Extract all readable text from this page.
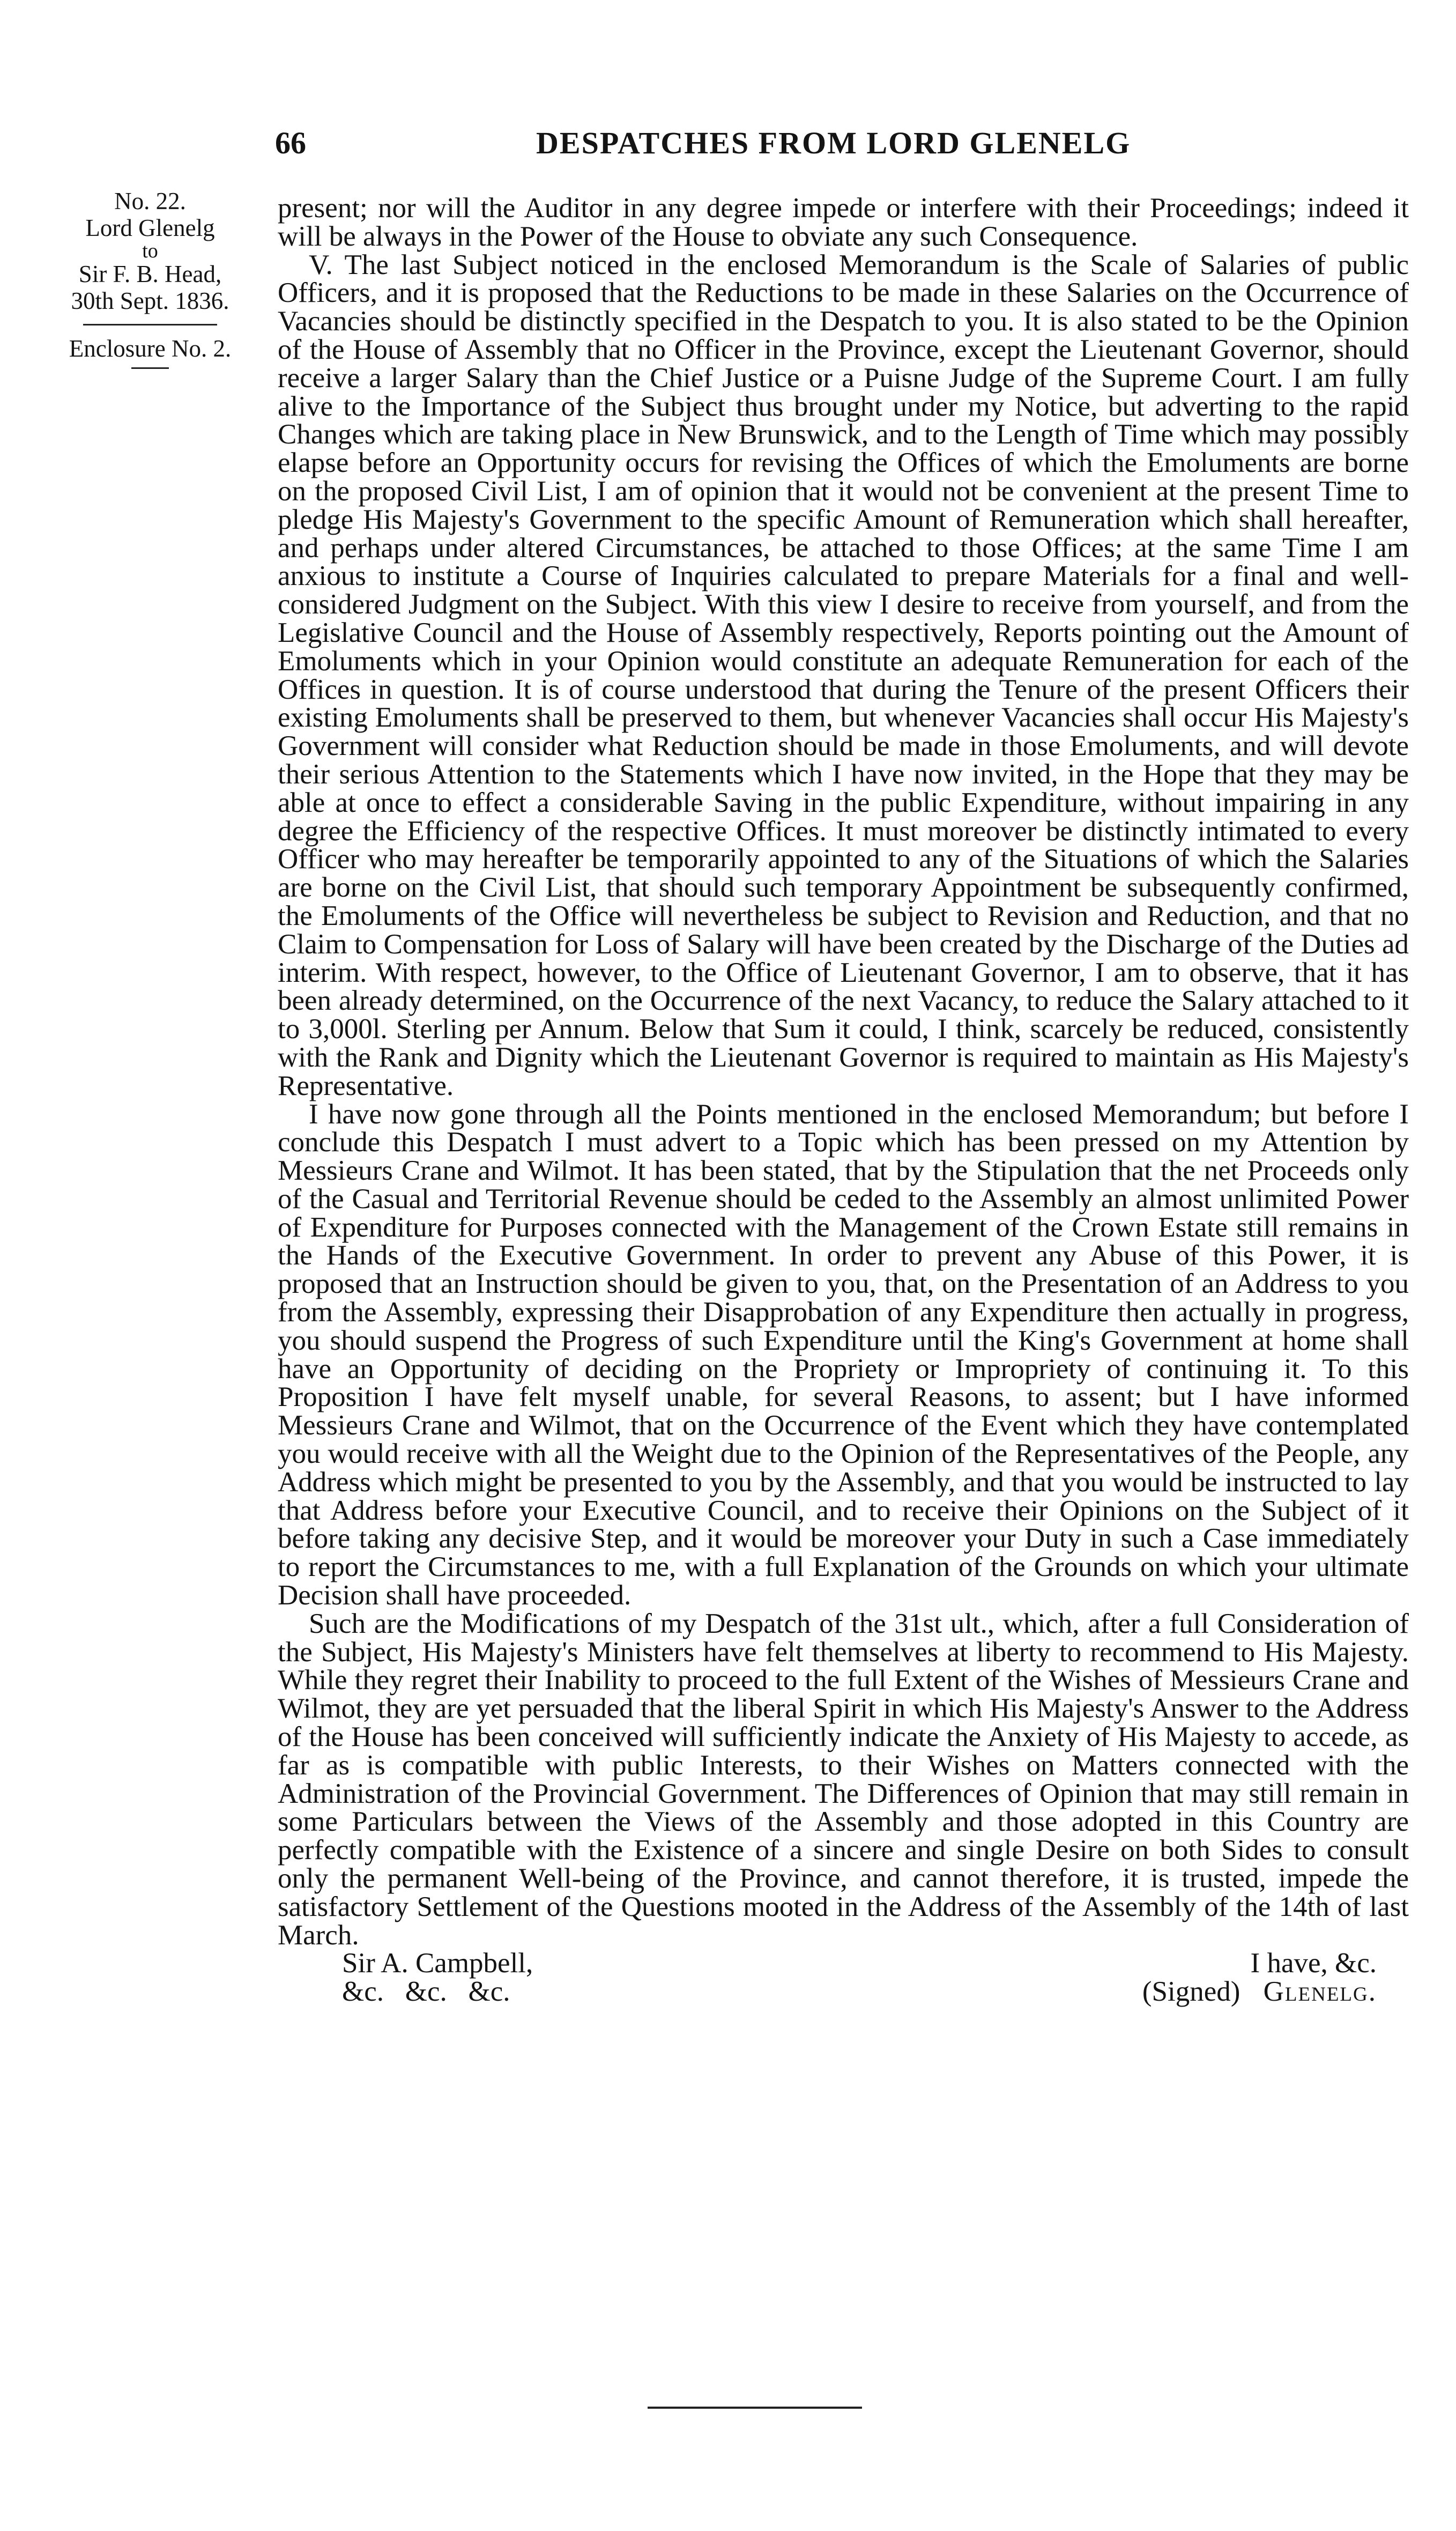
66	DESPATCHES FROM LORD GLENELG
No. 22.
Lord Glenelg
to
Sir F. B. Head,
30th Sept. 1836.
Enclosure No. 2.

present; nor will the Auditor in any degree impede or interfere with their Proceedings; indeed it will be always in the Power of the House to obviate any such Consequence.

V. The last Subject noticed in the enclosed Memorandum is the Scale of Salaries of public Officers, and it is proposed that the Reductions to be made in these Salaries on the Occurrence of Vacancies should be distinctly specified in the Despatch to you. It is also stated to be the Opinion of the House of Assembly that no Officer in the Province, except the Lieutenant Governor, should receive a larger Salary than the Chief Justice or a Puisne Judge of the Supreme Court. I am fully alive to the Importance of the Subject thus brought under my Notice, but adverting to the rapid Changes which are taking place in New Brunswick, and to the Length of Time which may possibly elapse before an Opportunity occurs for revising the Offices of which the Emoluments are borne on the proposed Civil List, I am of opinion that it would not be convenient at the present Time to pledge His Majesty's Government to the specific Amount of Remuneration which shall hereafter, and perhaps under altered Circumstances, be attached to those Offices; at the same Time I am anxious to institute a Course of Inquiries calculated to prepare Materials for a final and well-considered Judgment on the Subject. With this view I desire to receive from yourself, and from the Legislative Council and the House of Assembly respectively, Reports pointing out the Amount of Emoluments which in your Opinion would constitute an adequate Remuneration for each of the Offices in question. It is of course understood that during the Tenure of the present Officers their existing Emoluments shall be preserved to them, but whenever Vacancies shall occur His Majesty's Government will consider what Reduction should be made in those Emoluments, and will devote their serious Attention to the Statements which I have now invited, in the Hope that they may be able at once to effect a considerable Saving in the public Expenditure, without impairing in any degree the Efficiency of the respective Offices. It must moreover be distinctly intimated to every Officer who may hereafter be temporarily appointed to any of the Situations of which the Salaries are borne on the Civil List, that should such temporary Appointment be subsequently confirmed, the Emoluments of the Office will nevertheless be subject to Revision and Reduction, and that no Claim to Compensation for Loss of Salary will have been created by the Discharge of the Duties ad interim. With respect, however, to the Office of Lieutenant Governor, I am to observe, that it has been already determined, on the Occurrence of the next Vacancy, to reduce the Salary attached to it to 3,000l. Sterling per Annum. Below that Sum it could, I think, scarcely be reduced, consistently with the Rank and Dignity which the Lieutenant Governor is required to maintain as His Majesty's Representative.

I have now gone through all the Points mentioned in the enclosed Memorandum; but before I conclude this Despatch I must advert to a Topic which has been pressed on my Attention by Messieurs Crane and Wilmot. It has been stated, that by the Stipulation that the net Proceeds only of the Casual and Territorial Revenue should be ceded to the Assembly an almost unlimited Power of Expenditure for Purposes connected with the Management of the Crown Estate still remains in the Hands of the Executive Government. In order to prevent any Abuse of this Power, it is proposed that an Instruction should be given to you, that, on the Presentation of an Address to you from the Assembly, expressing their Disapprobation of any Expenditure then actually in progress, you should suspend the Progress of such Expenditure until the King's Government at home shall have an Opportunity of deciding on the Propriety or Impropriety of continuing it. To this Proposition I have felt myself unable, for several Reasons, to assent; but I have informed Messieurs Crane and Wilmot, that on the Occurrence of the Event which they have contemplated you would receive with all the Weight due to the Opinion of the Representatives of the People, any Address which might be presented to you by the Assembly, and that you would be instructed to lay that Address before your Executive Council, and to receive their Opinions on the Subject of it before taking any decisive Step, and it would be moreover your Duty in such a Case immediately to report the Circumstances to me, with a full Explanation of the Grounds on which your ultimate Decision shall have proceeded.

Such are the Modifications of my Despatch of the 31st ult., which, after a full Consideration of the Subject, His Majesty's Ministers have felt themselves at liberty to recommend to His Majesty. While they regret their Inability to proceed to the full Extent of the Wishes of Messieurs Crane and Wilmot, they are yet persuaded that the liberal Spirit in which His Majesty's Answer to the Address of the House has been conceived will sufficiently indicate the Anxiety of His Majesty to accede, as far as is compatible with public Interests, to their Wishes on Matters connected with the Administration of the Provincial Government. The Differences of Opinion that may still remain in some Particulars between the Views of the Assembly and those adopted in this Country are perfectly compatible with the Existence of a sincere and single Desire on both Sides to consult only the permanent Well-being of the Province, and cannot therefore, it is trusted, impede the satisfactory Settlement of the Questions mooted in the Address of the Assembly of the 14th of last March.

Sir A. Campbell,	I have, &c.
&c.   &c.   &c.	(Signed) Glenelg.
